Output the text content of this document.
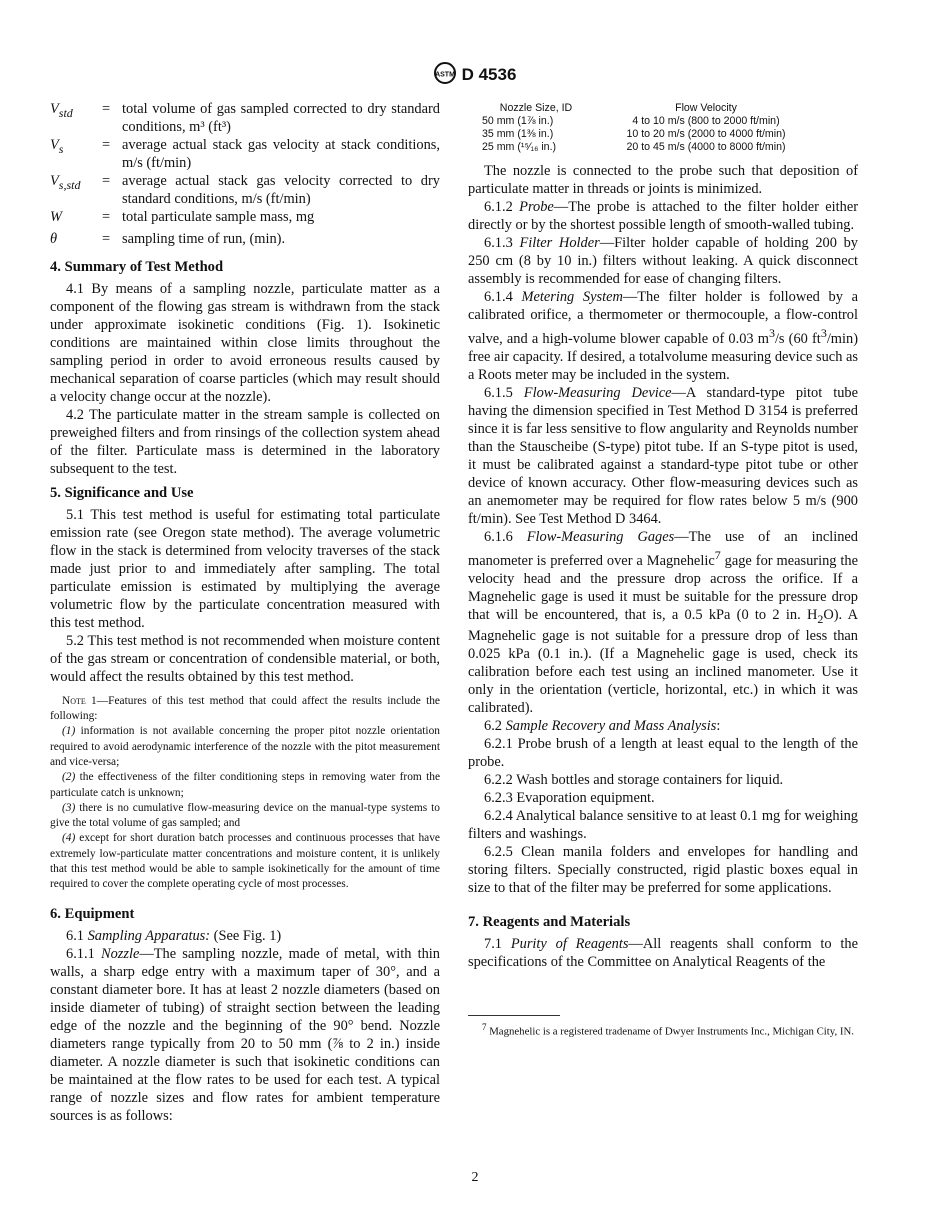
ASTM D 4536
$V_{std}$	= total volume of gas sampled corrected to dry standard conditions, m³ (ft³)
$V_s$	= average actual stack gas velocity at stack conditions, m/s (ft/min)
$V_{s,std}$	= average actual stack gas velocity corrected to dry standard conditions, m/s (ft/min)
W	= total particulate sample mass, mg
θ	= sampling time of run, (min).
4. Summary of Test Method

4.1 By means of a sampling nozzle, particulate matter as a component of the flowing gas stream is withdrawn from the stack under approximate isokinetic conditions (Fig. 1). Isokinetic conditions are maintained within close limits throughout the sampling period in order to avoid erroneous results caused by mechanical separation of coarse particles (which may result should a velocity change occur at the nozzle).

4.2 The particulate matter in the stream sample is collected on preweighed filters and from rinsings of the collection system ahead of the filter. Particulate mass is determined in the laboratory subsequent to the test.

5. Significance and Use

5.1 This test method is useful for estimating total particulate emission rate (see Oregon state method). The average volumetric flow in the stack is determined from velocity traverses of the stack made just prior to and immediately after sampling. The total particulate emission is estimated by multiplying the average volumetric flow by the particulate concentration measured with this test method.

5.2 This test method is not recommended when moisture content of the gas stream or concentration of condensible material, or both, would affect the results obtained by this test method.

Note 1—Features of this test method that could affect the results include the following:

(1) information is not available concerning the proper pitot nozzle orientation required to avoid aerodynamic interference of the nozzle with the pitot measurement and vice-versa;

(2) the effectiveness of the filter conditioning steps in removing water from the particulate catch is unknown;

(3) there is no cumulative flow-measuring device on the manual-type systems to give the total volume of gas sampled; and

(4) except for short duration batch processes and continuous processes that have extremely low-particulate matter concentrations and moisture content, it is unlikely that this test method would be able to sample isokinetically for the amount of time required to cover the complete operating cycle of most processes.

6. Equipment

6.1 Sampling Apparatus: (See Fig. 1)

6.1.1 Nozzle—The sampling nozzle, made of metal, with thin walls, a sharp edge entry with a maximum taper of 30°, and a constant diameter bore. It has at least 2 nozzle diameters (based on inside diameter of tubing) of straight section between the leading edge of the nozzle and the beginning of the 90° bend. Nozzle diameters range typically from 20 to 50 mm (⅞ to 2 in.) inside diameter. A nozzle diameter is such that isokinetic conditions can be maintained at the flow rates to be used for each test. A typical range of nozzle sizes and flow rates for ambient temperature sources is as follows:

Nozzle Size, ID	Flow Velocity
50 mm (1⅞ in.)	4 to 10 m/s (800 to 2000 ft/min)
35 mm (1⅜ in.)	10 to 20 m/s (2000 to 4000 ft/min)
25 mm (¹⁵⁄₁₆ in.)	20 to 45 m/s (4000 to 8000 ft/min)

The nozzle is connected to the probe such that deposition of particulate matter in threads or joints is minimized.

6.1.2 Probe—The probe is attached to the filter holder either directly or by the shortest possible length of smooth-walled tubing.

6.1.3 Filter Holder—Filter holder capable of holding 200 by 250 cm (8 by 10 in.) filters without leaking. A quick disconnect assembly is recommended for ease of changing filters.

6.1.4 Metering System—The filter holder is followed by a calibrated orifice, a thermometer or thermocouple, a flow-control valve, and a high-volume blower capable of 0.03 $m^3/s$ (60 $ft^3/\min$) free air capacity. If desired, a totalvolume measuring device such as a Roots meter may be included in the system.

6.1.5 Flow-Measuring Device—A standard-type pitot tube having the dimension specified in Test Method D 3154 is preferred since it is far less sensitive to flow angularity and Reynolds number than the Stauscheibe (S-type) pitot tube. If an S-type pitot is used, it must be calibrated against a standard-type pitot tube or other device of known accuracy. Other flow-measuring devices such as an anemometer may be required for flow rates below 5 m/s (900 ft/min). See Test Method D 3464.

6.1.6 Flow-Measuring Gages—The use of an inclined manometer is preferred over a Magnehelic$^7$ gage for measuring the velocity head and the pressure drop across the orifice. If a Magnehelic gage is used it must be suitable for the pressure drop that will be encountered, that is, a 0.5 kPa (0 to 2 in. $H_2O$). A Magnehelic gage is not suitable for a pressure drop of less than 0.025 kPa (0.1 in.). (If a Magnehelic gage is used, check its calibration before each test using an inclined manometer. Use it only in the orientation (verticle, horizontal, etc.) in which it was calibrated).

6.2 Sample Recovery and Mass Analysis:

6.2.1 Probe brush of a length at least equal to the length of the probe.

6.2.2 Wash bottles and storage containers for liquid.

6.2.3 Evaporation equipment.

6.2.4 Analytical balance sensitive to at least 0.1 mg for weighing filters and washings.

6.2.5 Clean manila folders and envelopes for handling and storing filters. Specially constructed, rigid plastic boxes equal in size to that of the filter may be preferred for some applications.

7. Reagents and Materials

7.1 Purity of Reagents—All reagents shall conform to the specifications of the Committee on Analytical Reagents of the

$^7$ Magnehelic is a registered tradename of Dwyer Instruments Inc., Michigan City, IN.

2
